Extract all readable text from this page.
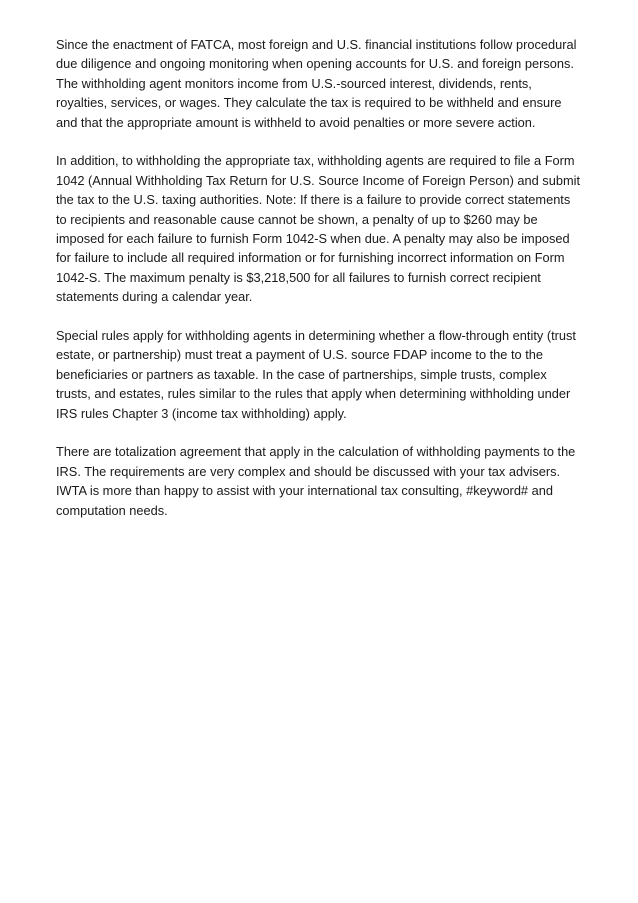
Since the enactment of FATCA, most foreign and U.S. financial institutions follow procedural
due diligence and ongoing monitoring when opening accounts for U.S. and foreign persons.
The withholding agent monitors income from U.S.-sourced interest, dividends, rents,
royalties, services, or wages. They calculate the tax is required to be withheld and ensure
and that the appropriate amount is withheld to avoid penalties or more severe action.

In addition, to withholding the appropriate tax, withholding agents are required to file a Form
1042 (Annual Withholding Tax Return for U.S. Source Income of Foreign Person) and submit
the tax to the U.S. taxing authorities. Note: If there is a failure to provide correct statements
to recipients and reasonable cause cannot be shown, a penalty of up to $260 may be
imposed for each failure to furnish Form 1042-S when due. A penalty may also be imposed
for failure to include all required information or for furnishing incorrect information on Form
1042-S. The maximum penalty is $3,218,500 for all failures to furnish correct recipient
statements during a calendar year.

Special rules apply for withholding agents in determining whether a flow-through entity (trust
estate, or partnership) must treat a payment of U.S. source FDAP income to the to the
beneficiaries or partners as taxable. In the case of partnerships, simple trusts, complex
trusts, and estates, rules similar to the rules that apply when determining withholding under
IRS rules Chapter 3 (income tax withholding) apply.

There are totalization agreement that apply in the calculation of withholding payments to the
IRS. The requirements are very complex and should be discussed with your tax advisers.
IWTA is more than happy to assist with your international tax consulting, #keyword# and
computation needs.
